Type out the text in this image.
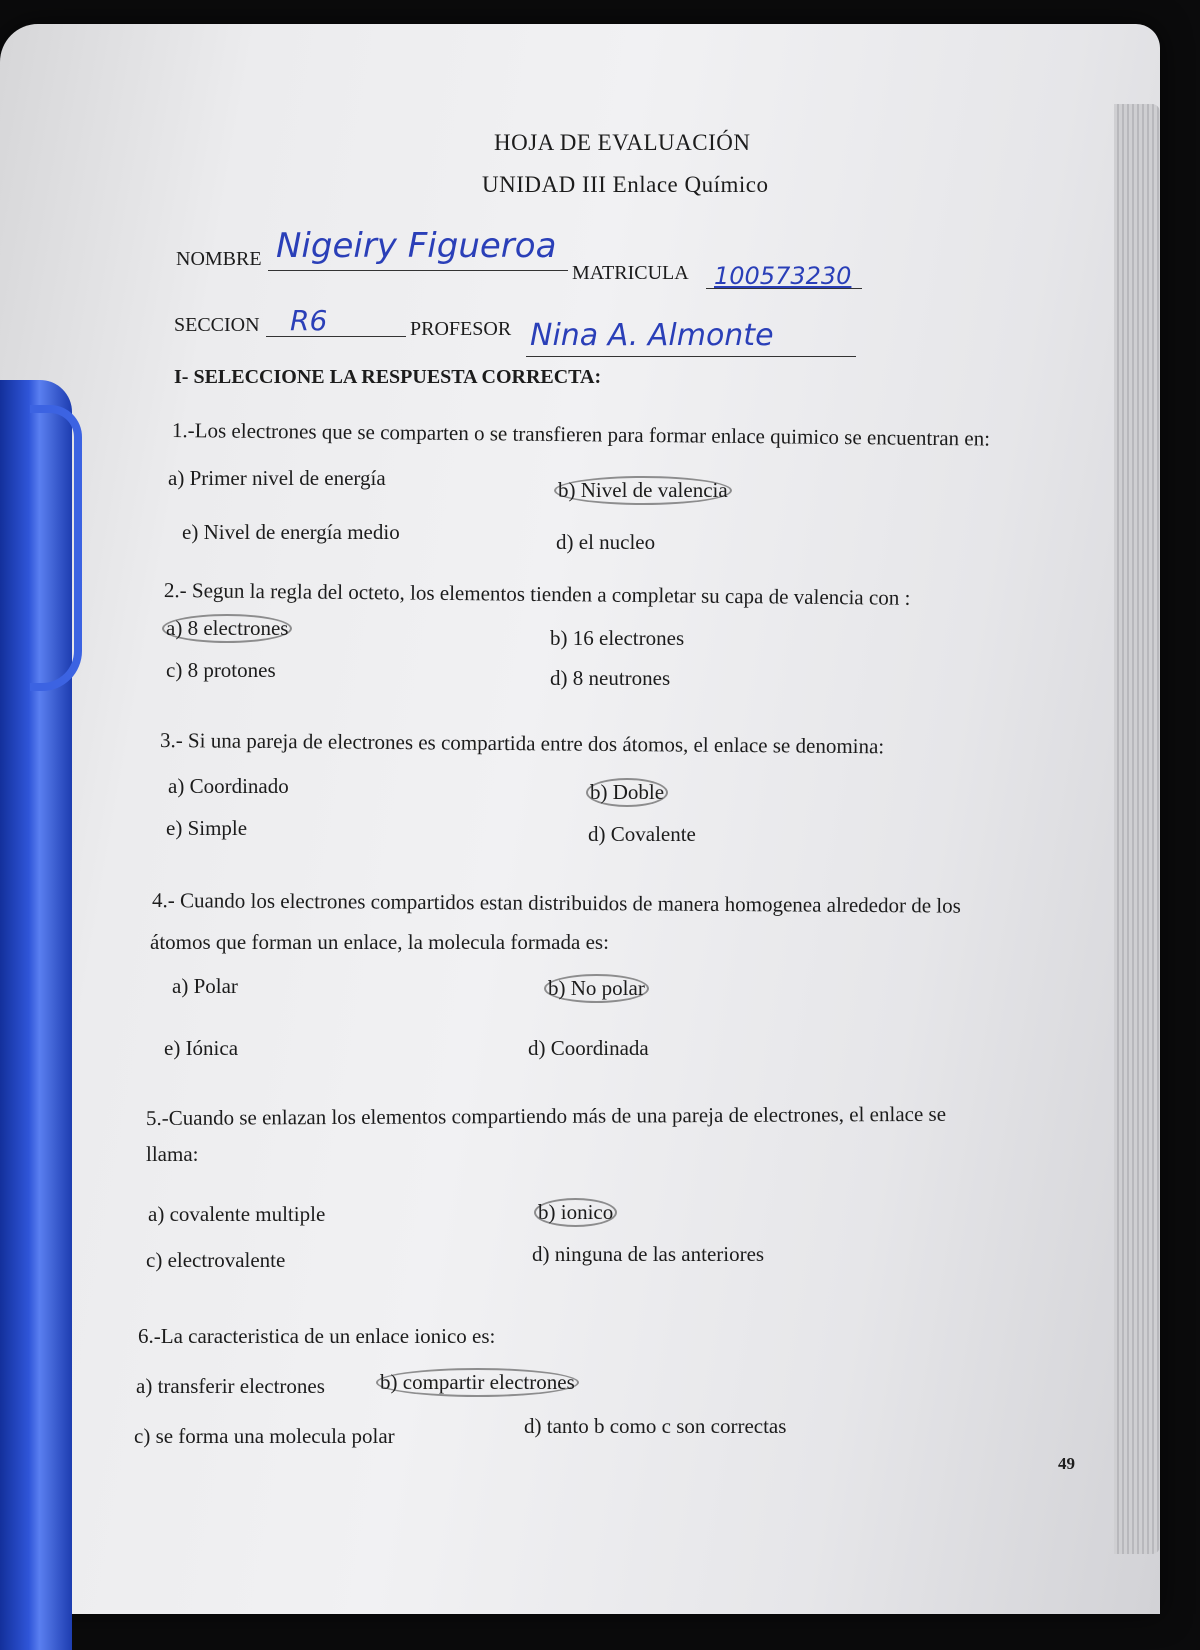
HOJA DE EVALUACIÓN
UNIDAD III Enlace Químico
NOMBRE Nigeiry Figueroa
MATRICULA 100573230
SECCION R6	PROFESOR Nina A. Almonte
I- SELECCIONE LA RESPUESTA CORRECTA:
1.-Los electrones que se comparten o se transfieren para formar enlace quimico se encuentran en:
a) Primer nivel de energía	b) Nivel de valencia
e) Nivel de energía medio	d) el nucleo
2.- Segun la regla del octeto, los elementos tienden a completar su capa de valencia con :
a) 8 electrones	b) 16 electrones
c) 8 protones	d) 8 neutrones
3.- Si una pareja de electrones es compartida entre dos átomos, el enlace se denomina:
a) Coordinado	b) Doble
e) Simple	d) Covalente
4.- Cuando los electrones compartidos estan distribuidos de manera homogenea alrededor de los
átomos que forman un enlace, la molecula formada es:
a) Polar	b) No polar
e) Iónica	d) Coordinada
5.-Cuando se enlazan los elementos compartiendo más de una pareja de electrones, el enlace se
llama:
a) covalente multiple	b) ionico
c) electrovalente	d) ninguna de las anteriores
6.-La caracteristica de un enlace ionico es:
a) transferir electrones	b) compartir electrones
c) se forma una molecula polar	d) tanto b como c son correctas
49
